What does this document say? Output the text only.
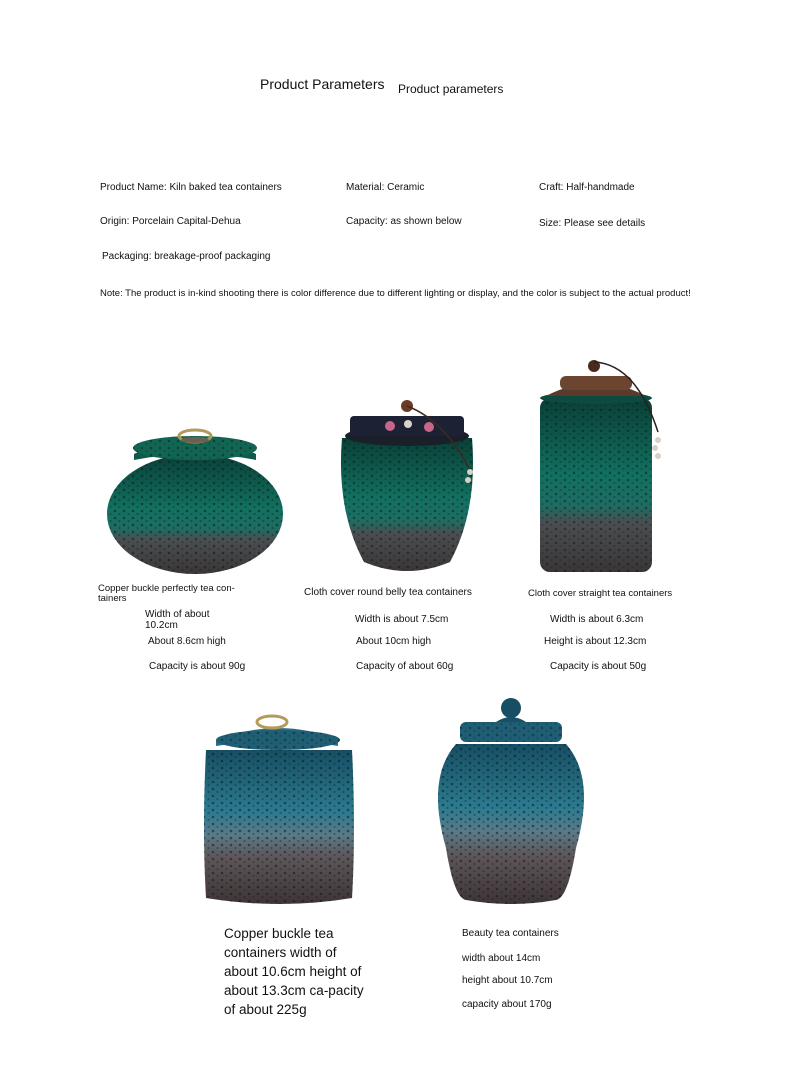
Product Parameters Product parameters
Product Name: Kiln baked tea containers	Material: Ceramic	Craft: Half-handmade
Origin: Porcelain Capital-Dehua	Capacity: as shown below	Size: Please see details
Packaging: breakage-proof packaging
Note: The product is in-kind shooting there is color difference due to different lighting or display, and the color is subject to the actual product!
Copper buckle perfectly tea con-tainers
Width of about 10.2cm
About 8.6cm high
Capacity is about 90g
Cloth cover round belly tea containers
Width is about 7.5cm
About 10cm high
Capacity of about 60g
Cloth cover straight tea containers
Width is about 6.3cm
Height is about 12.3cm
Capacity is about 50g
Copper buckle tea containers width of about 10.6cm height of about 13.3cm ca-pacity of about 225g
Beauty tea containers
width about 14cm
height about 10.7cm
capacity about 170g
